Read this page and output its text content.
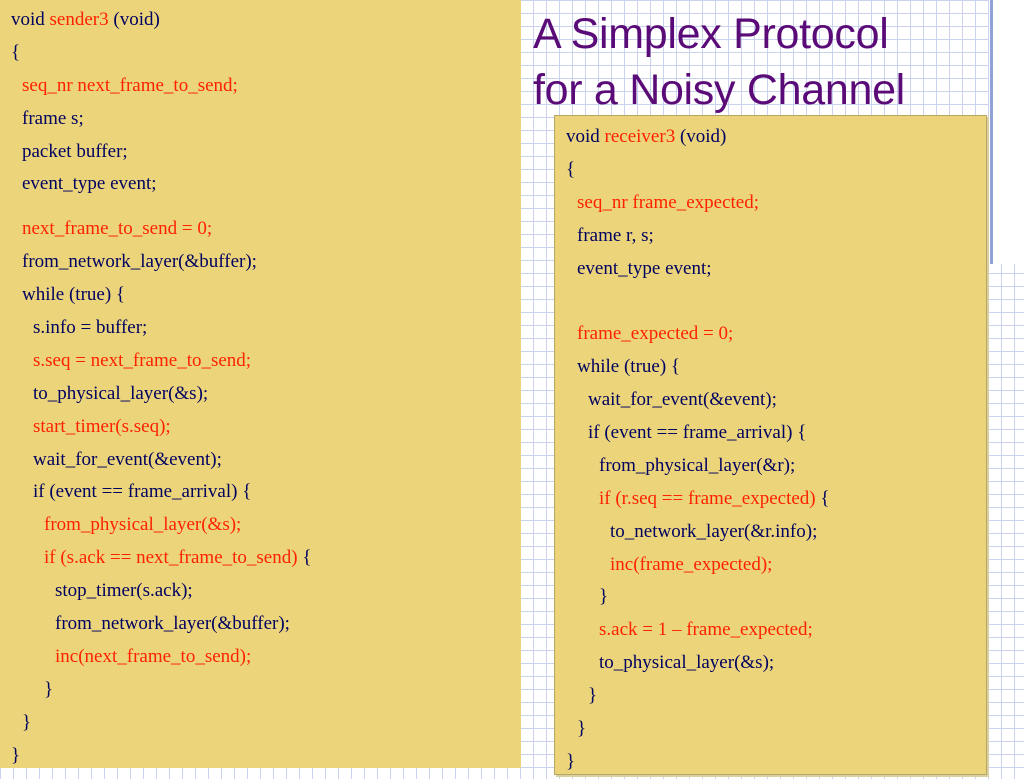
A Simplex Protocol
for a Noisy Channel
void sender3 (void)
{
seq_nr next_frame_to_send;
frame s;
packet buffer;
event_type event;
next_frame_to_send = 0;
from_network_layer(&buffer);
while (true) {
s.info = buffer;
s.seq = next_frame_to_send;
to_physical_layer(&s);
start_timer(s.seq);
wait_for_event(&event);
if (event == frame_arrival) {
from_physical_layer(&s);
if (s.ack == next_frame_to_send) {
stop_timer(s.ack);
from_network_layer(&buffer);
inc(next_frame_to_send);
}
}
}
void receiver3 (void)
{
seq_nr frame_expected;
frame r, s;
event_type event;
frame_expected = 0;
while (true) {
wait_for_event(&event);
if (event == frame_arrival) {
from_physical_layer(&r);
if (r.seq == frame_expected) {
to_network_layer(&r.info);
inc(frame_expected);
}
s.ack = 1 – frame_expected;
to_physical_layer(&s);
}
}
}
